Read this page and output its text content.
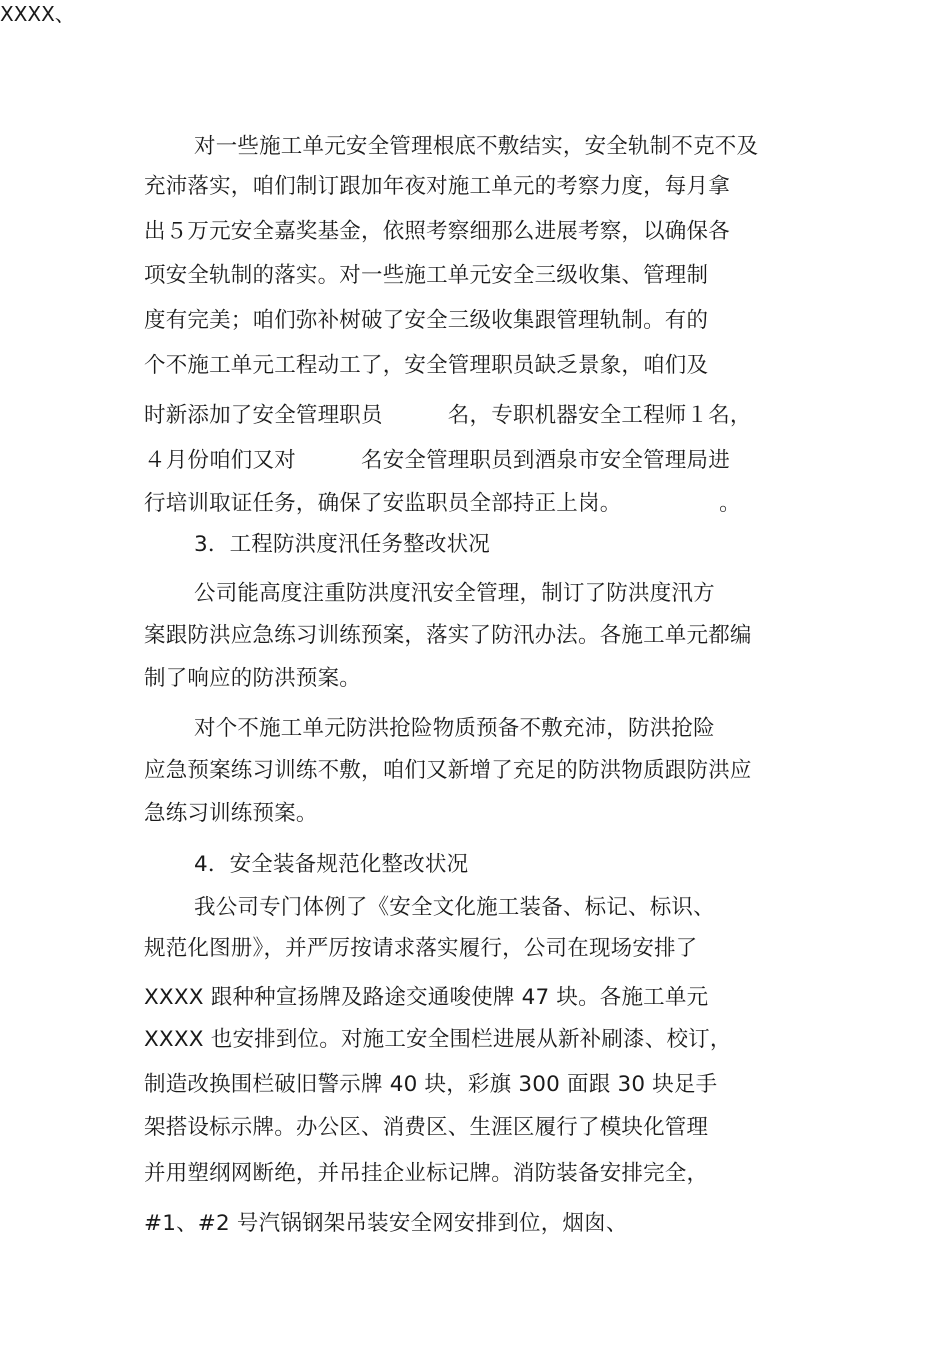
XXXX、
对一些施工单元安全管理根底不敷结实，安全轨制不克不及
充沛落实，咱们制订跟加年夜对施工单元的考察力度，每月拿
出５万元安全嘉奖基金，依照考察细那么进展考察，以确保各
项安全轨制的落实。对一些施工单元安全三级收集、管理制
度有完美；咱们弥补树破了安全三级收集跟管理轨制。有的
个不施工单元工程动工了，安全管理职员缺乏景象，咱们及
时新添加了安全管理职员　　　名，专职机器安全工程师１名，
４月份咱们又对　　　名安全管理职员到酒泉市安全管理局进
行培训取证任务，确保了安监职员全部持正上岗。　　　　　。
3．工程防洪度汛任务整改状况
公司能高度注重防洪度汛安全管理，制订了防洪度汛方
案跟防洪应急练习训练预案，落实了防汛办法。各施工单元都编
制了响应的防洪预案。
对个不施工单元防洪抢险物质预备不敷充沛，防洪抢险
应急预案练习训练不敷，咱们又新增了充足的防洪物质跟防洪应
急练习训练预案。
4．安全装备规范化整改状况
我公司专门体例了《安全文化施工装备、标记、标识、
规范化图册》，并严厉按请求落实履行，公司在现场安排了
XXXX 跟种种宣扬牌及路途交通唆使牌 47 块。各施工单元
XXXX 也安排到位。对施工安全围栏进展从新补刷漆、校订，
制造改换围栏破旧警示牌 40 块，彩旗 300 面跟 30 块足手
架搭设标示牌。办公区、消费区、生涯区履行了模块化管理
并用塑纲网断绝，并吊挂企业标记牌。消防装备安排完全，
#1、#2 号汽锅钢架吊装安全网安排到位，烟囱、
